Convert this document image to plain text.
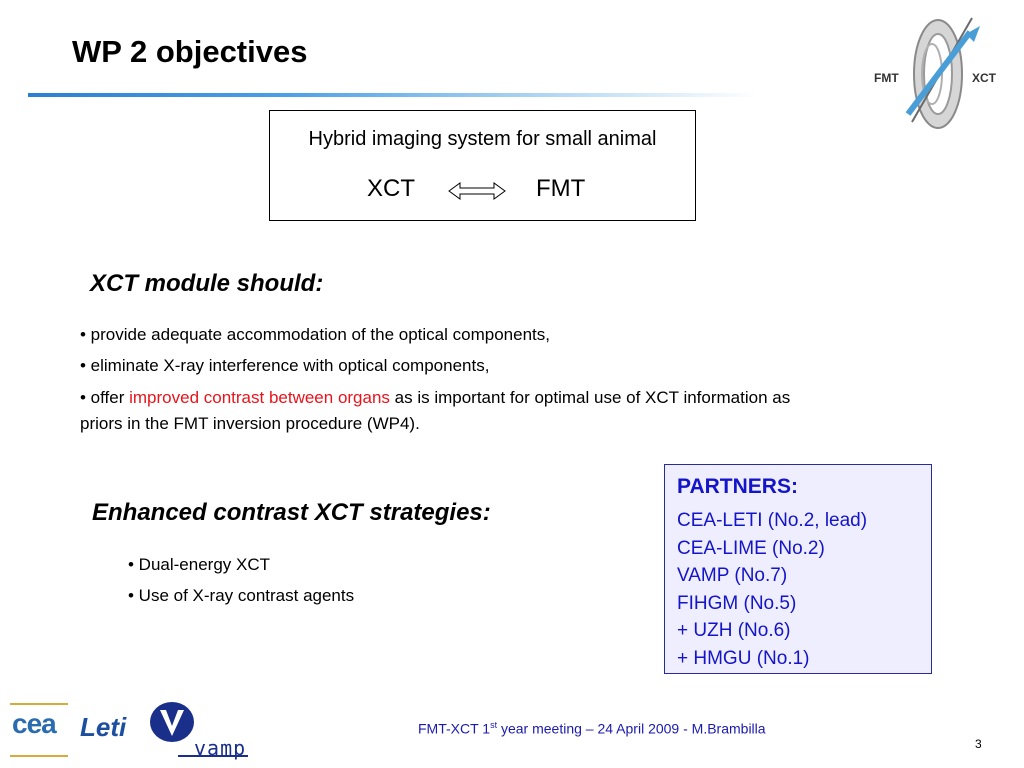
WP 2 objectives
FMT	XCT
Hybrid imaging system for small animal
XCT	FMT
XCT module should:
• provide adequate accommodation of the optical components,
• eliminate X-ray interference with optical components,
• offer improved contrast between organs as is important for optimal use of XCT information as
priors in the FMT inversion procedure (WP4).
Enhanced contrast XCT strategies:
• Dual-energy XCT
• Use of X-ray contrast agents
PARTNERS:
CEA-LETI (No.2, lead)
CEA-LIME (No.2)
VAMP (No.7)
FIHGM (No.5)
+ UZH (No.6)
+ HMGU (No.1)
cea Leti
vamp
FMT-XCT 1st year meeting – 24 April 2009 - M.Brambilla
3
